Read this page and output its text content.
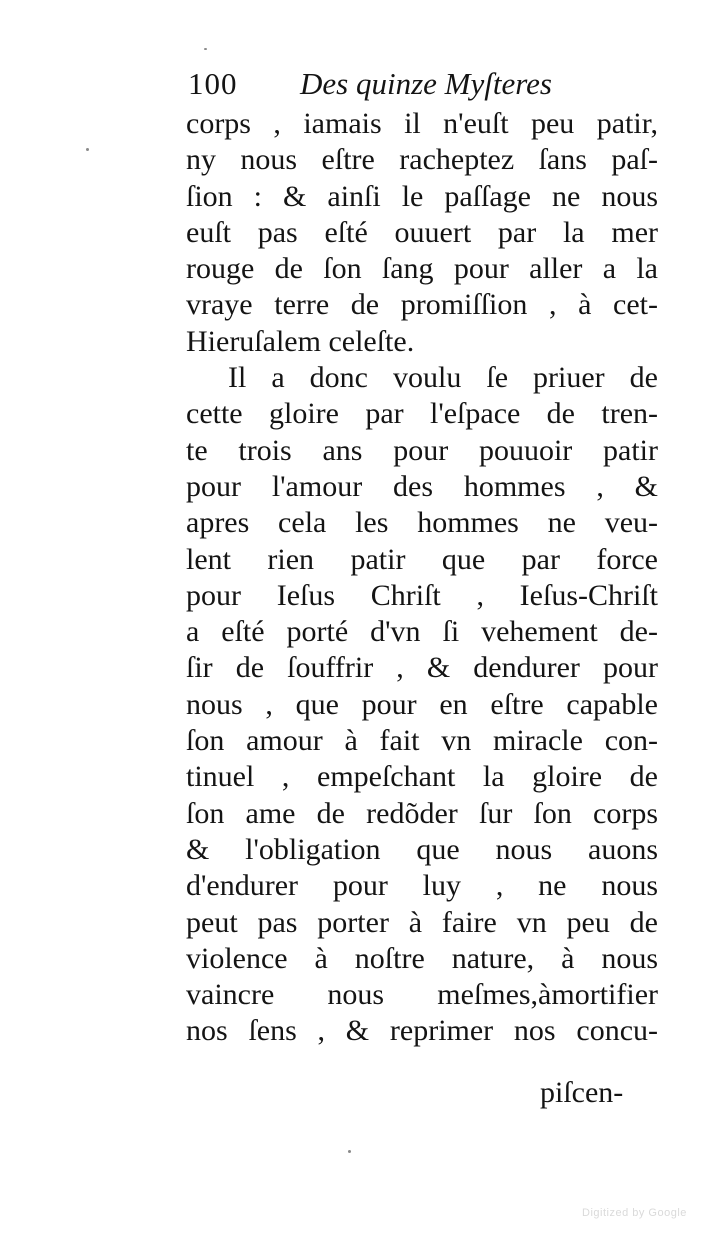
100 Des quinze Myſteres
corps , iamais il n'euſt peu patir,
ny nous eſtre racheptez ſans paſ-
ſion : & ainſi le paſſage ne nous
euſt pas eſté ouuert par la mer
rouge de ſon ſang pour aller a la
vraye terre de promiſſion , à cet-
Hieruſalem celeſte.
Il a donc voulu ſe priuer de
cette gloire par l'eſpace de tren-
te trois ans pour pouuoir patir
pour l'amour des hommes , &
apres cela les hommes ne veu-
lent rien patir que par force
pour Ieſus Chriſt , Ieſus-Chriſt
a eſté porté d'vn ſi vehement de-
ſir de ſouffrir , & dendurer pour
nous , que pour en eſtre capable
ſon amour à fait vn miracle con-
tinuel , empeſchant la gloire de
ſon ame de redõder ſur ſon corps
& l'obligation que nous auons
d'endurer pour luy , ne nous
peut pas porter à faire vn peu de
violence à noſtre nature, à nous
vaincre nous meſmes,àmortifier
nos ſens , & reprimer nos concu-
piſcen-
Digitized by Google
